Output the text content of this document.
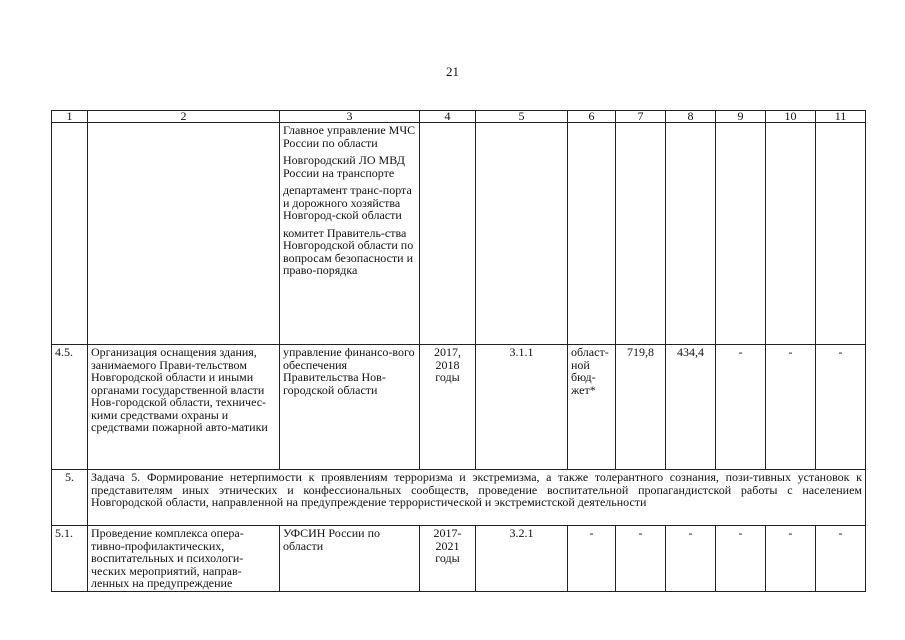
21
1	2	3	4	5	6	7	8	9	10	11

		Главное управление МЧС России по области
Новгородский ЛО МВД России на транспорте
департамент транс-порта и дорожного хозяйства Новгород-ской области
комитет Правитель-ства Новгородской области по вопросам безопасности и право-порядка								

4.5.	Организация оснащения здания, занимаемого Прави-тельством Новгородской области и иными органами государственной власти Нов-городской области, техничес-кими средствами охраны и средствами пожарной авто-матики	управление финансо-вого обеспечения Правительства Нов-городской области	2017, 2018 годы	3.1.1	област-ной бюд-жет*	719,8	434,4	-	-	-
5.	Задача 5. Формирование нетерпимости к проявлениям терроризма и экстремизма, а также толерантного сознания, пози-тивных установок к представителям иных этнических и конфессиональных сообществ, проведение воспитательной пропагандистской работы с населением Новгородской области, направленной на предупреждение террористической и экстремистской деятельности									
5.1.	Проведение комплекса опера-тивно-профилактических, воспитательных и психологи-ческих мероприятий, направ-ленных на предупреждение	УФСИН России по области	2017-2021 годы	3.2.1	-	-	-	-	-	-
